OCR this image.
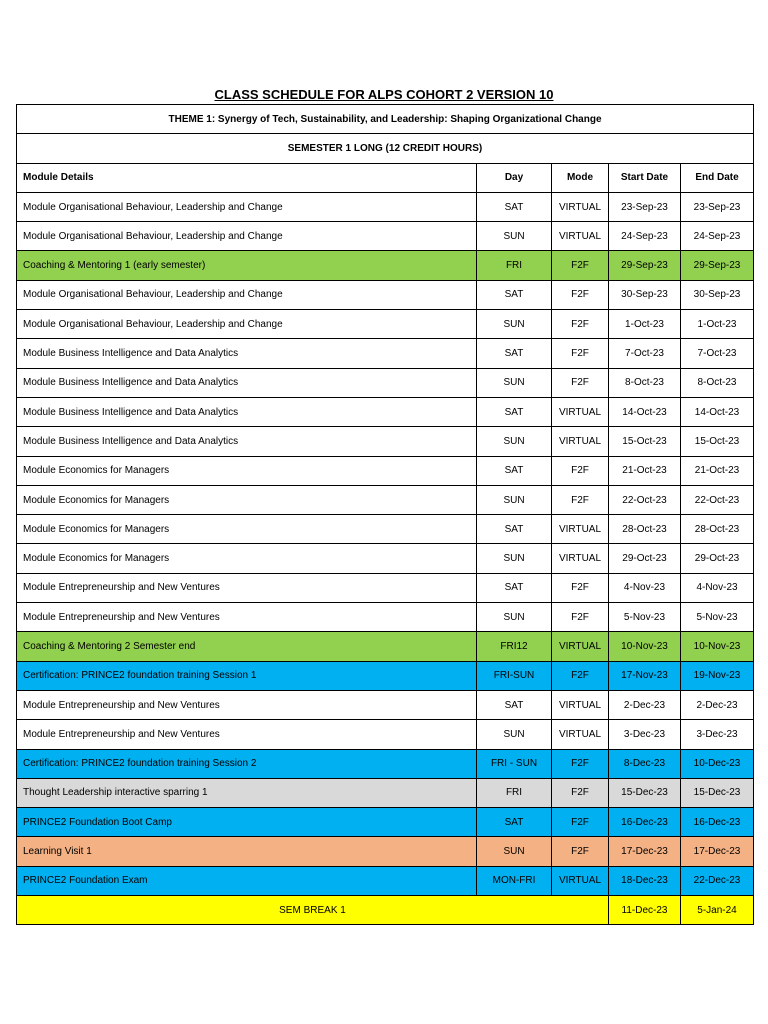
CLASS SCHEDULE FOR ALPS COHORT 2 VERSION 10
THEME 1: Synergy of Tech, Sustainability, and Leadership: Shaping Organizational Change				
SEMESTER 1 LONG (12 CREDIT HOURS)				
Module Details	Day	Mode	Start Date	End Date
Module Organisational Behaviour, Leadership and Change	SAT	VIRTUAL	23-Sep-23	23-Sep-23
Module Organisational Behaviour, Leadership and Change	SUN	VIRTUAL	24-Sep-23	24-Sep-23
Coaching & Mentoring 1 (early semester)	FRI	F2F	29-Sep-23	29-Sep-23
Module Organisational Behaviour, Leadership and Change	SAT	F2F	30-Sep-23	30-Sep-23
Module Organisational Behaviour, Leadership and Change	SUN	F2F	1-Oct-23	1-Oct-23
Module Business Intelligence and Data Analytics	SAT	F2F	7-Oct-23	7-Oct-23
Module Business Intelligence and Data Analytics	SUN	F2F	8-Oct-23	8-Oct-23
Module Business Intelligence and Data Analytics	SAT	VIRTUAL	14-Oct-23	14-Oct-23
Module Business Intelligence and Data Analytics	SUN	VIRTUAL	15-Oct-23	15-Oct-23
Module Economics for Managers	SAT	F2F	21-Oct-23	21-Oct-23
Module Economics for Managers	SUN	F2F	22-Oct-23	22-Oct-23
Module Economics for Managers	SAT	VIRTUAL	28-Oct-23	28-Oct-23
Module Economics for Managers	SUN	VIRTUAL	29-Oct-23	29-Oct-23
Module Entrepreneurship and New Ventures	SAT	F2F	4-Nov-23	4-Nov-23
Module Entrepreneurship and New Ventures	SUN	F2F	5-Nov-23	5-Nov-23
Coaching & Mentoring 2 Semester end	FRI12	VIRTUAL	10-Nov-23	10-Nov-23
Certification: PRINCE2 foundation training Session 1	FRI-SUN	F2F	17-Nov-23	19-Nov-23
Module Entrepreneurship and New Ventures	SAT	VIRTUAL	2-Dec-23	2-Dec-23
Module Entrepreneurship and New Ventures	SUN	VIRTUAL	3-Dec-23	3-Dec-23
Certification: PRINCE2 foundation training Session 2	FRI - SUN	F2F	8-Dec-23	10-Dec-23
Thought Leadership interactive sparring 1	FRI	F2F	15-Dec-23	15-Dec-23
PRINCE2 Foundation Boot Camp	SAT	F2F	16-Dec-23	16-Dec-23
Learning Visit 1	SUN	F2F	17-Dec-23	17-Dec-23
PRINCE2 Foundation Exam	MON-FRI	VIRTUAL	18-Dec-23	22-Dec-23
SEM BREAK 1			11-Dec-23	5-Jan-24
